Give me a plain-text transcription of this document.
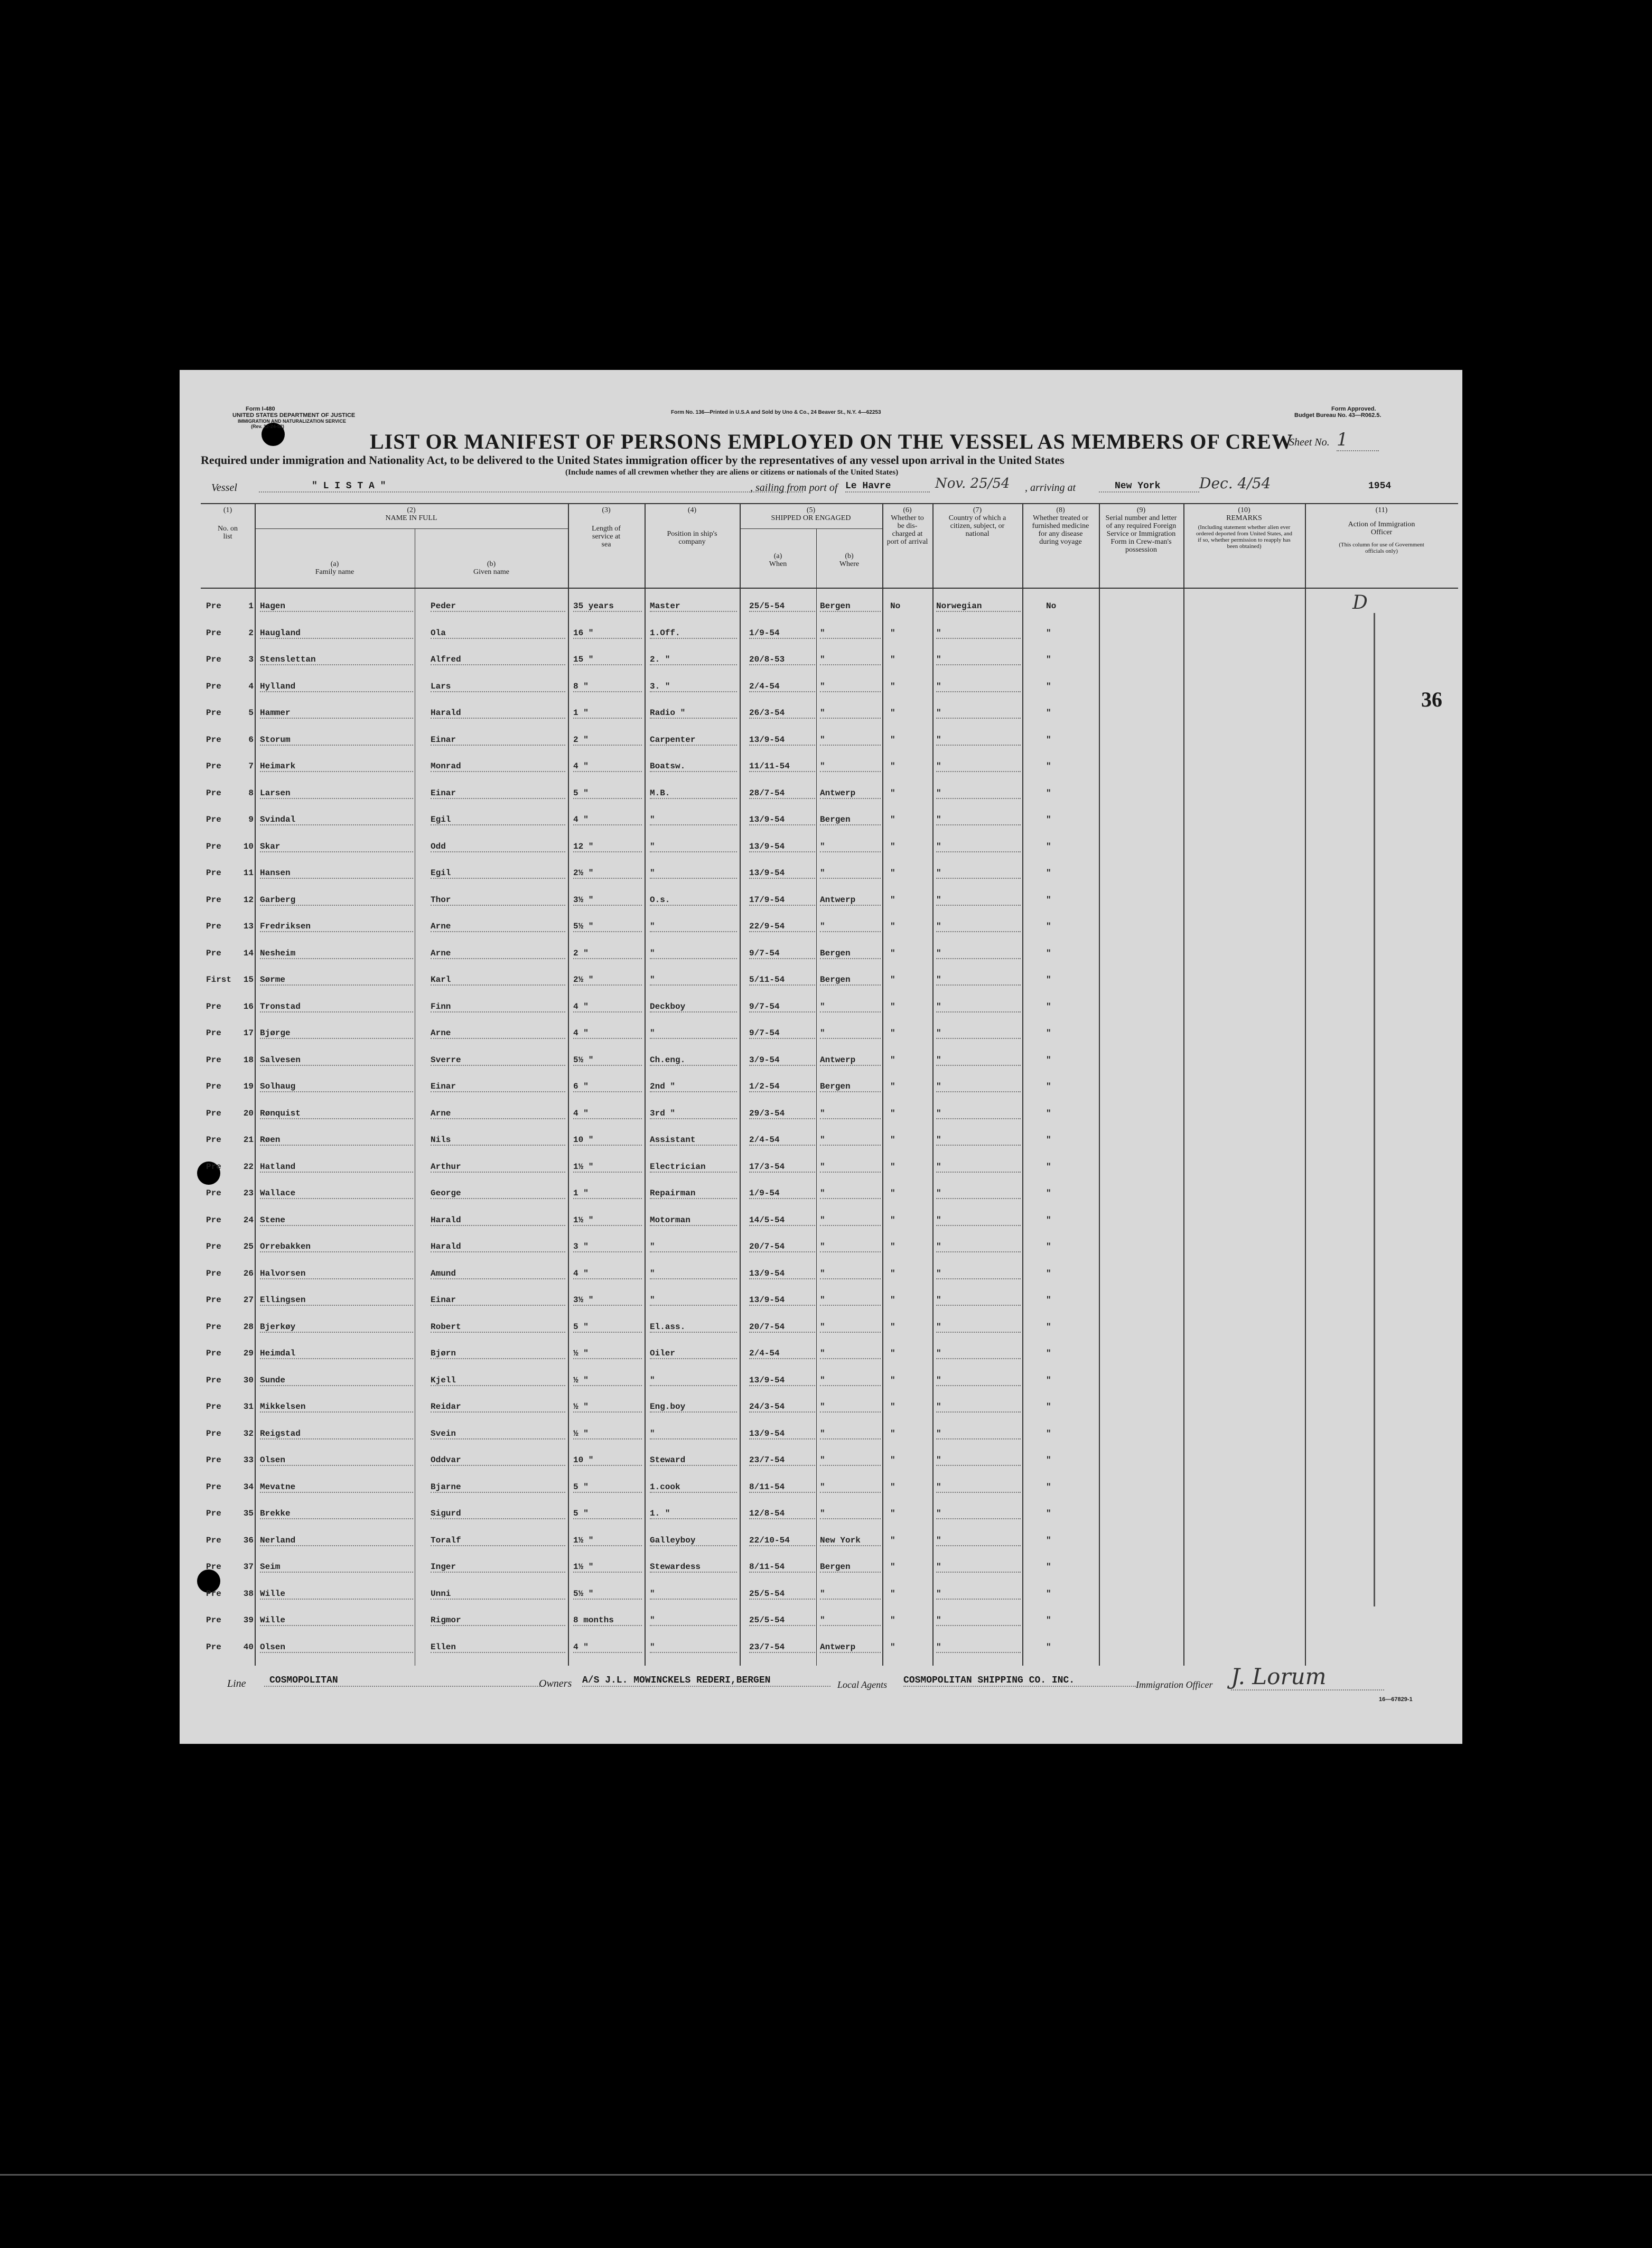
Form I-480
UNITED STATES DEPARTMENT OF JUSTICE
IMMIGRATION AND NATURALIZATION SERVICE
(Rev. 12-24-52)
Form No. 136—Printed in U.S.A and Sold by Uno & Co., 24 Beaver St., N.Y. 4—62253
Form Approved.
Budget Bureau No. 43—R062.5.
LIST OR MANIFEST OF PERSONS EMPLOYED ON THE VESSEL AS MEMBERS OF CREW
Sheet No. 1
Required under immigration and Nationality Act, to be delivered to the United States immigration officer by the representatives of any vessel upon arrival in the United States
(Include names of all crewmen whether they are aliens or citizens or nationals of the United States)
Vessel	" L I S T A "	, sailing from port of Le Havre	Nov. 25/54 , arriving at	New York	Dec. 4/54	1954
(1)
No. on list
(2)
NAME IN FULL
(a)
Family name
(b)
Given name
(3)
Length of service at sea
(4)
Position in ship's company
(5)
SHIPPED OR ENGAGED
(a)
When
(b)
Where
(6)
Whether to be dis-charged at port of arrival
(7)
Country of which a citizen, subject, or national
(8)
Whether treated or furnished medicine for any disease during voyage
(9)
Serial number and letter of any required Foreign Service or Immigration Form in Crew-man's possession
(10)
REMARKS
(Including statement whether alien ever ordered deported from United States, and if so, whether permission to reapply has been obtained)
(11)
Action of Immigration Officer
(This column for use of Government officials only)
Pre	1 Hagen	Peder	35 years	Master	25/5-54	Bergen	No	Norwegian	No
Pre	2 Haugland	Ola	16 "	1.Off.	1/9-54	"	"	"	"
Pre	3 Stenslettan	Alfred	15 "	2. "	20/8-53	"	"	"	"
Pre	4 Hylland	Lars	8 "	3. "	2/4-54	"	"	"	"
Pre	5 Hammer	Harald	1 "	Radio "	26/3-54	"	"	"	"
Pre	6 Storum	Einar	2 "	Carpenter	13/9-54	"	"	"	"
Pre	7 Heimark	Monrad	4 "	Boatsw.	11/11-54	"	"	"	"
Pre	8 Larsen	Einar	5 "	M.B.	28/7-54	Antwerp	"	"	"
Pre	9 Svindal	Egil	4 "	"	13/9-54	Bergen	"	"	"
Pre	10 Skar	Odd	12 "	"	13/9-54	"	"	"	"
Pre	11 Hansen	Egil	2½ "	"	13/9-54	"	"	"	"
Pre	12 Garberg	Thor	3½ "	O.s.	17/9-54	Antwerp	"	"	"
Pre	13 Fredriksen	Arne	5½ "	"	22/9-54	"	"	"	"
Pre	14 Nesheim	Arne	2 "	"	9/7-54	Bergen	"	"	"
First	15 Sørme	Karl	2½ "	"	5/11-54	Bergen	"	"	"
Pre	16 Tronstad	Finn	4 "	Deckboy	9/7-54	"	"	"	"
Pre	17 Bjørge	Arne	4 "	"	9/7-54	"	"	"	"
Pre	18 Salvesen	Sverre	5½ "	Ch.eng.	3/9-54	Antwerp	"	"	"
Pre	19 Solhaug	Einar	6 "	2nd "	1/2-54	Bergen	"	"	"
Pre	20 Rønquist	Arne	4 "	3rd "	29/3-54	"	"	"	"
Pre	21 Røen	Nils	10 "	Assistant	2/4-54	"	"	"	"
Pre	22 Hatland	Arthur	1½ "	Electrician	17/3-54	"	"	"	"
Pre	23 Wallace	George	1 "	Repairman	1/9-54	"	"	"	"
Pre	24 Stene	Harald	1½ "	Motorman	14/5-54	"	"	"	"
Pre	25 Orrebakken	Harald	3 "	"	20/7-54	"	"	"	"
Pre	26 Halvorsen	Amund	4 "	"	13/9-54	"	"	"	"
Pre	27 Ellingsen	Einar	3½ "	"	13/9-54	"	"	"	"
Pre	28 Bjerkøy	Robert	5 "	El.ass.	20/7-54	"	"	"	"
Pre	29 Heimdal	Bjørn	½ "	Oiler	2/4-54	"	"	"	"
Pre	30 Sunde	Kjell	½ "	"	13/9-54	"	"	"	"
Pre	31 Mikkelsen	Reidar	½ "	Eng.boy	24/3-54	"	"	"	"
Pre	32 Reigstad	Svein	½ "	"	13/9-54	"	"	"	"
Pre	33 Olsen	Oddvar	10 "	Steward	23/7-54	"	"	"	"
Pre	34 Mevatne	Bjarne	5 "	1.cook	8/11-54	"	"	"	"
Pre	35 Brekke	Sigurd	5 "	1. "	12/8-54	"	"	"	"
Pre	36 Nerland	Toralf	1½ "	Galleyboy	22/10-54	New York	"	"	"
Pre	37 Seim	Inger	1½ "	Stewardess	8/11-54	Bergen	"	"	"
Pre	38 Wille	Unni	5½ "	"	25/5-54	"	"	"	"
Pre	39 Wille	Rigmor	8 months	"	25/5-54	"	"	"	"
Pre	40 Olsen	Ellen	4 "	"	23/7-54	Antwerp	"	"	"
D
36
Line	COSMOPOLITAN	Owners A/S J.L. MOWINCKELS REDERI,BERGEN	Local Agents COSMOPOLITAN SHIPPING CO. INC.	Immigration Officer J. Lorum
16—67829-1
